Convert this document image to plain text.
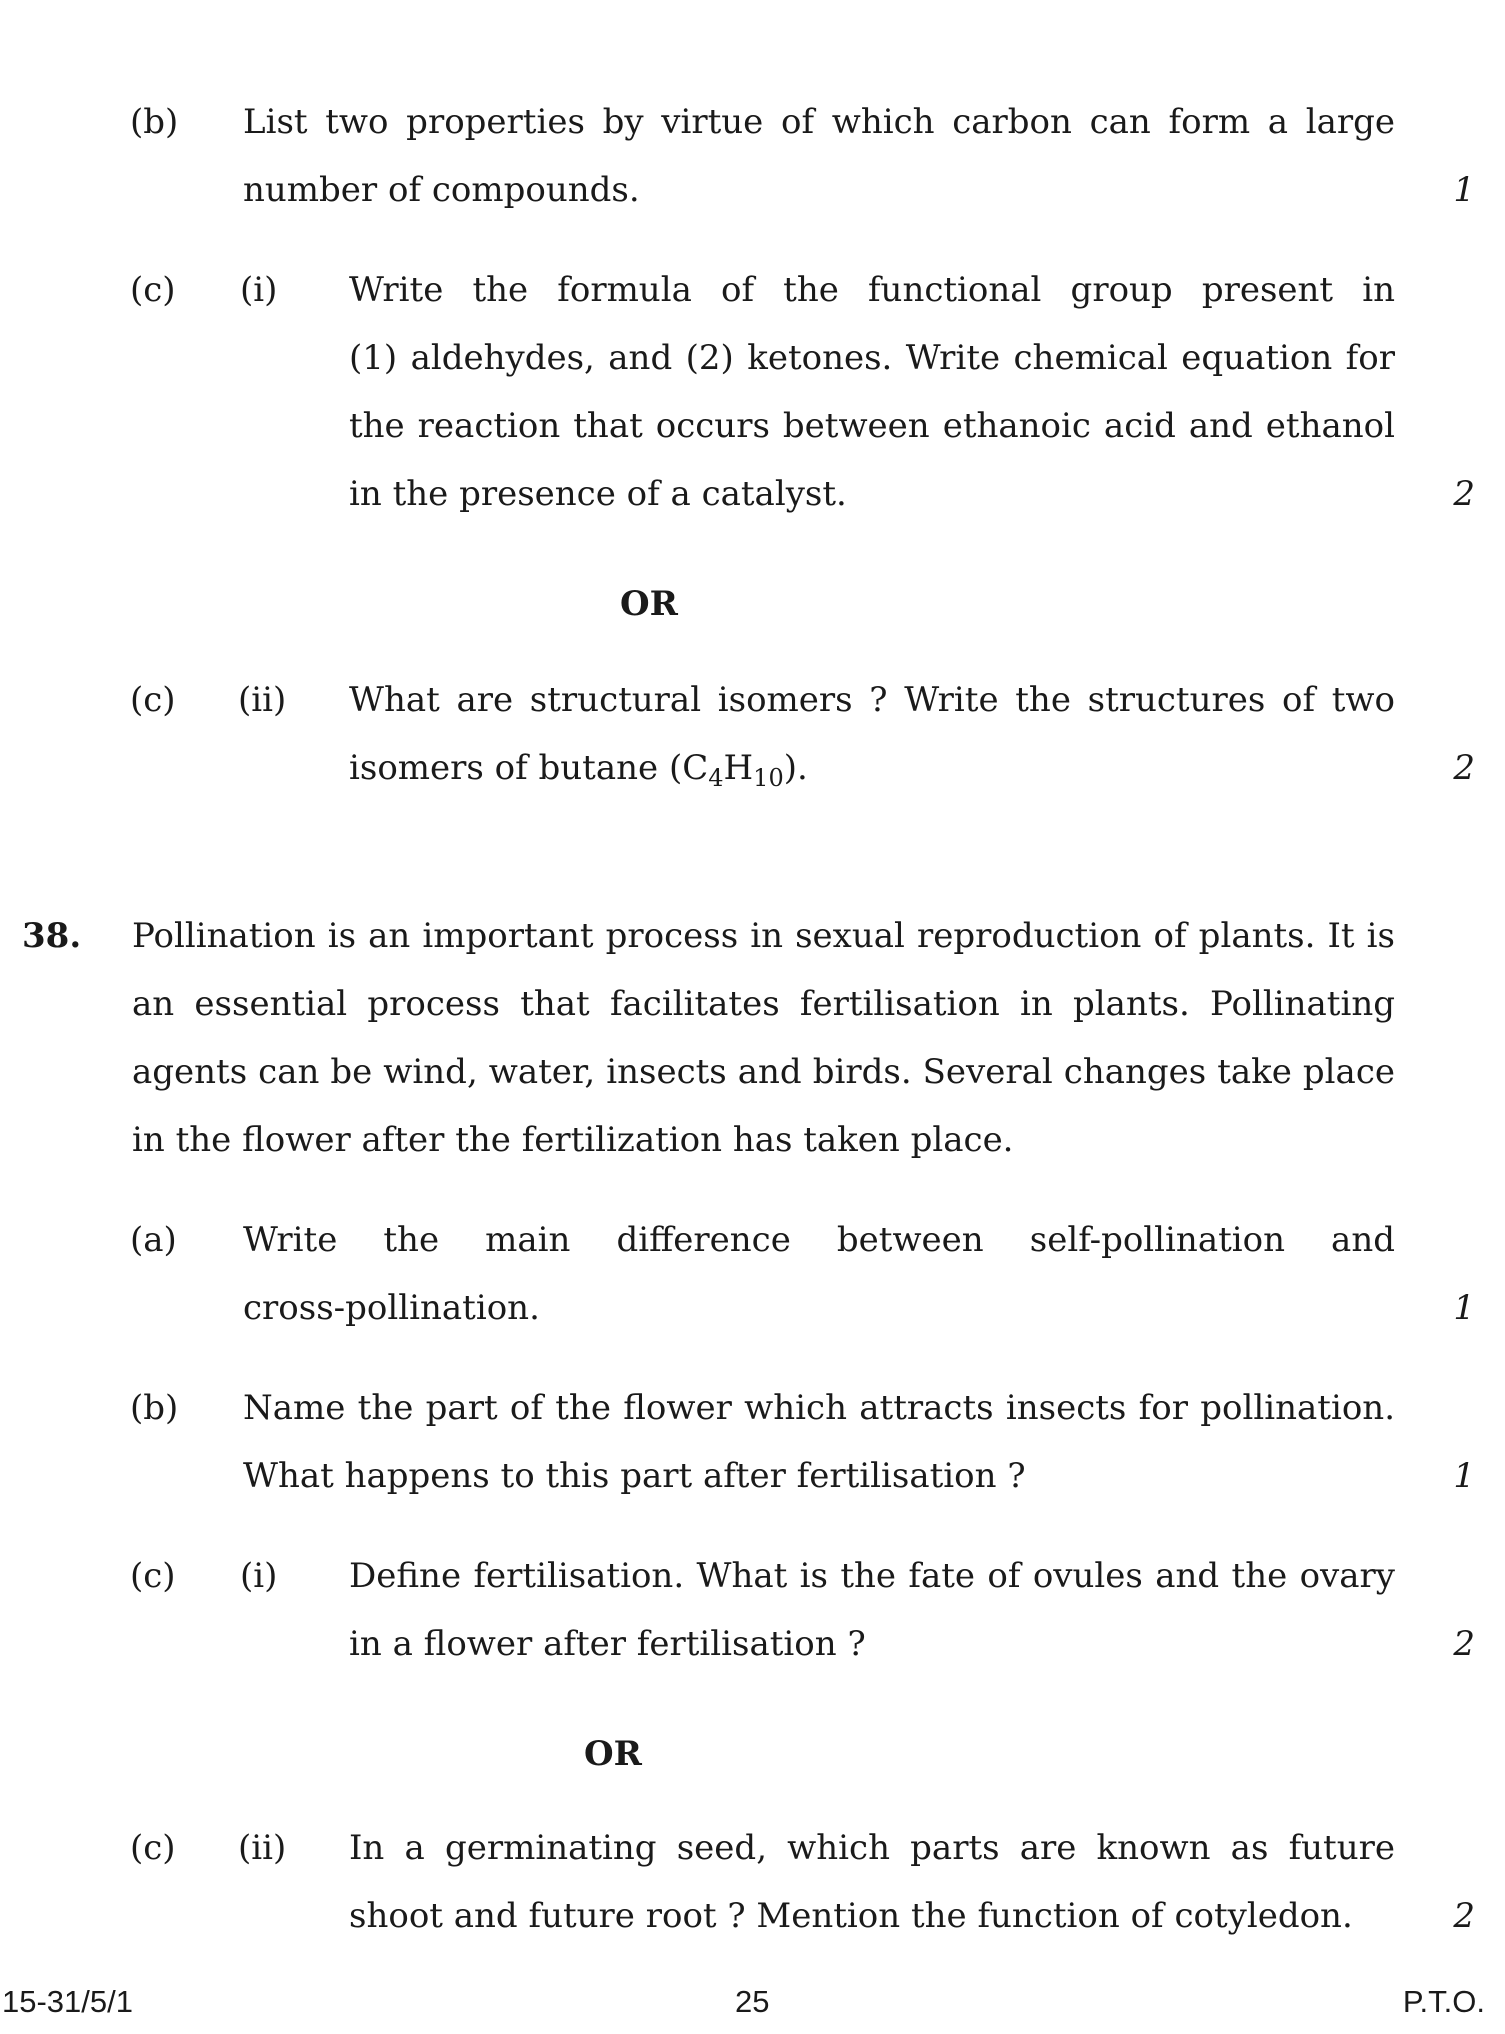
(b) List two properties by virtue of which carbon can form a large
number of compounds.	1
(c) (i) Write the formula of the functional group present in
(1) aldehydes, and (2) ketones. Write chemical equation for
the reaction that occurs between ethanoic acid and ethanol
in the presence of a catalyst.	2
OR
(c) (ii) What are structural isomers ? Write the structures of two
isomers of butane $(C_4H_{10})$.	2
38. Pollination is an important process in sexual reproduction of plants. It is
an essential process that facilitates fertilisation in plants. Pollinating
agents can be wind, water, insects and birds. Several changes take place
in the flower after the fertilization has taken place.
(a) Write the main difference between self-pollination and
cross-pollination.	1
(b) Name the part of the flower which attracts insects for pollination.
What happens to this part after fertilisation ?	1
(c) (i) Define fertilisation. What is the fate of ovules and the ovary
in a flower after fertilisation ?	2
OR
(c) (ii) In a germinating seed, which parts are known as future
shoot and future root ? Mention the function of cotyledon.	2
15-31/5/1	25	P.T.O.
